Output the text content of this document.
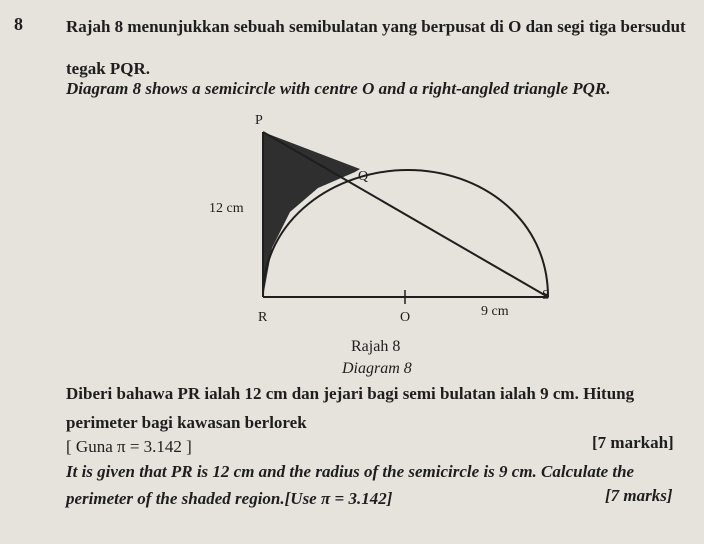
8	Rajah 8 menunjukkan sebuah semibulatan yang berpusat di O dan segi tiga bersudut
tegak PQR.
Diagram 8 shows a semicircle with centre O and a right-angled triangle PQR.
P
Q
12 cm
S
R	O	9 cm
Rajah 8
Diagram 8
Diberi bahawa PR ialah 12 cm dan jejari bagi semi bulatan ialah 9 cm. Hitung
perimeter bagi kawasan berlorek
[ Guna π = 3.142 ]	[7 markah]
It is given that PR is 12 cm and the radius of the semicircle is 9 cm. Calculate the
perimeter of the shaded region.[Use π = 3.142]	[7 marks]
